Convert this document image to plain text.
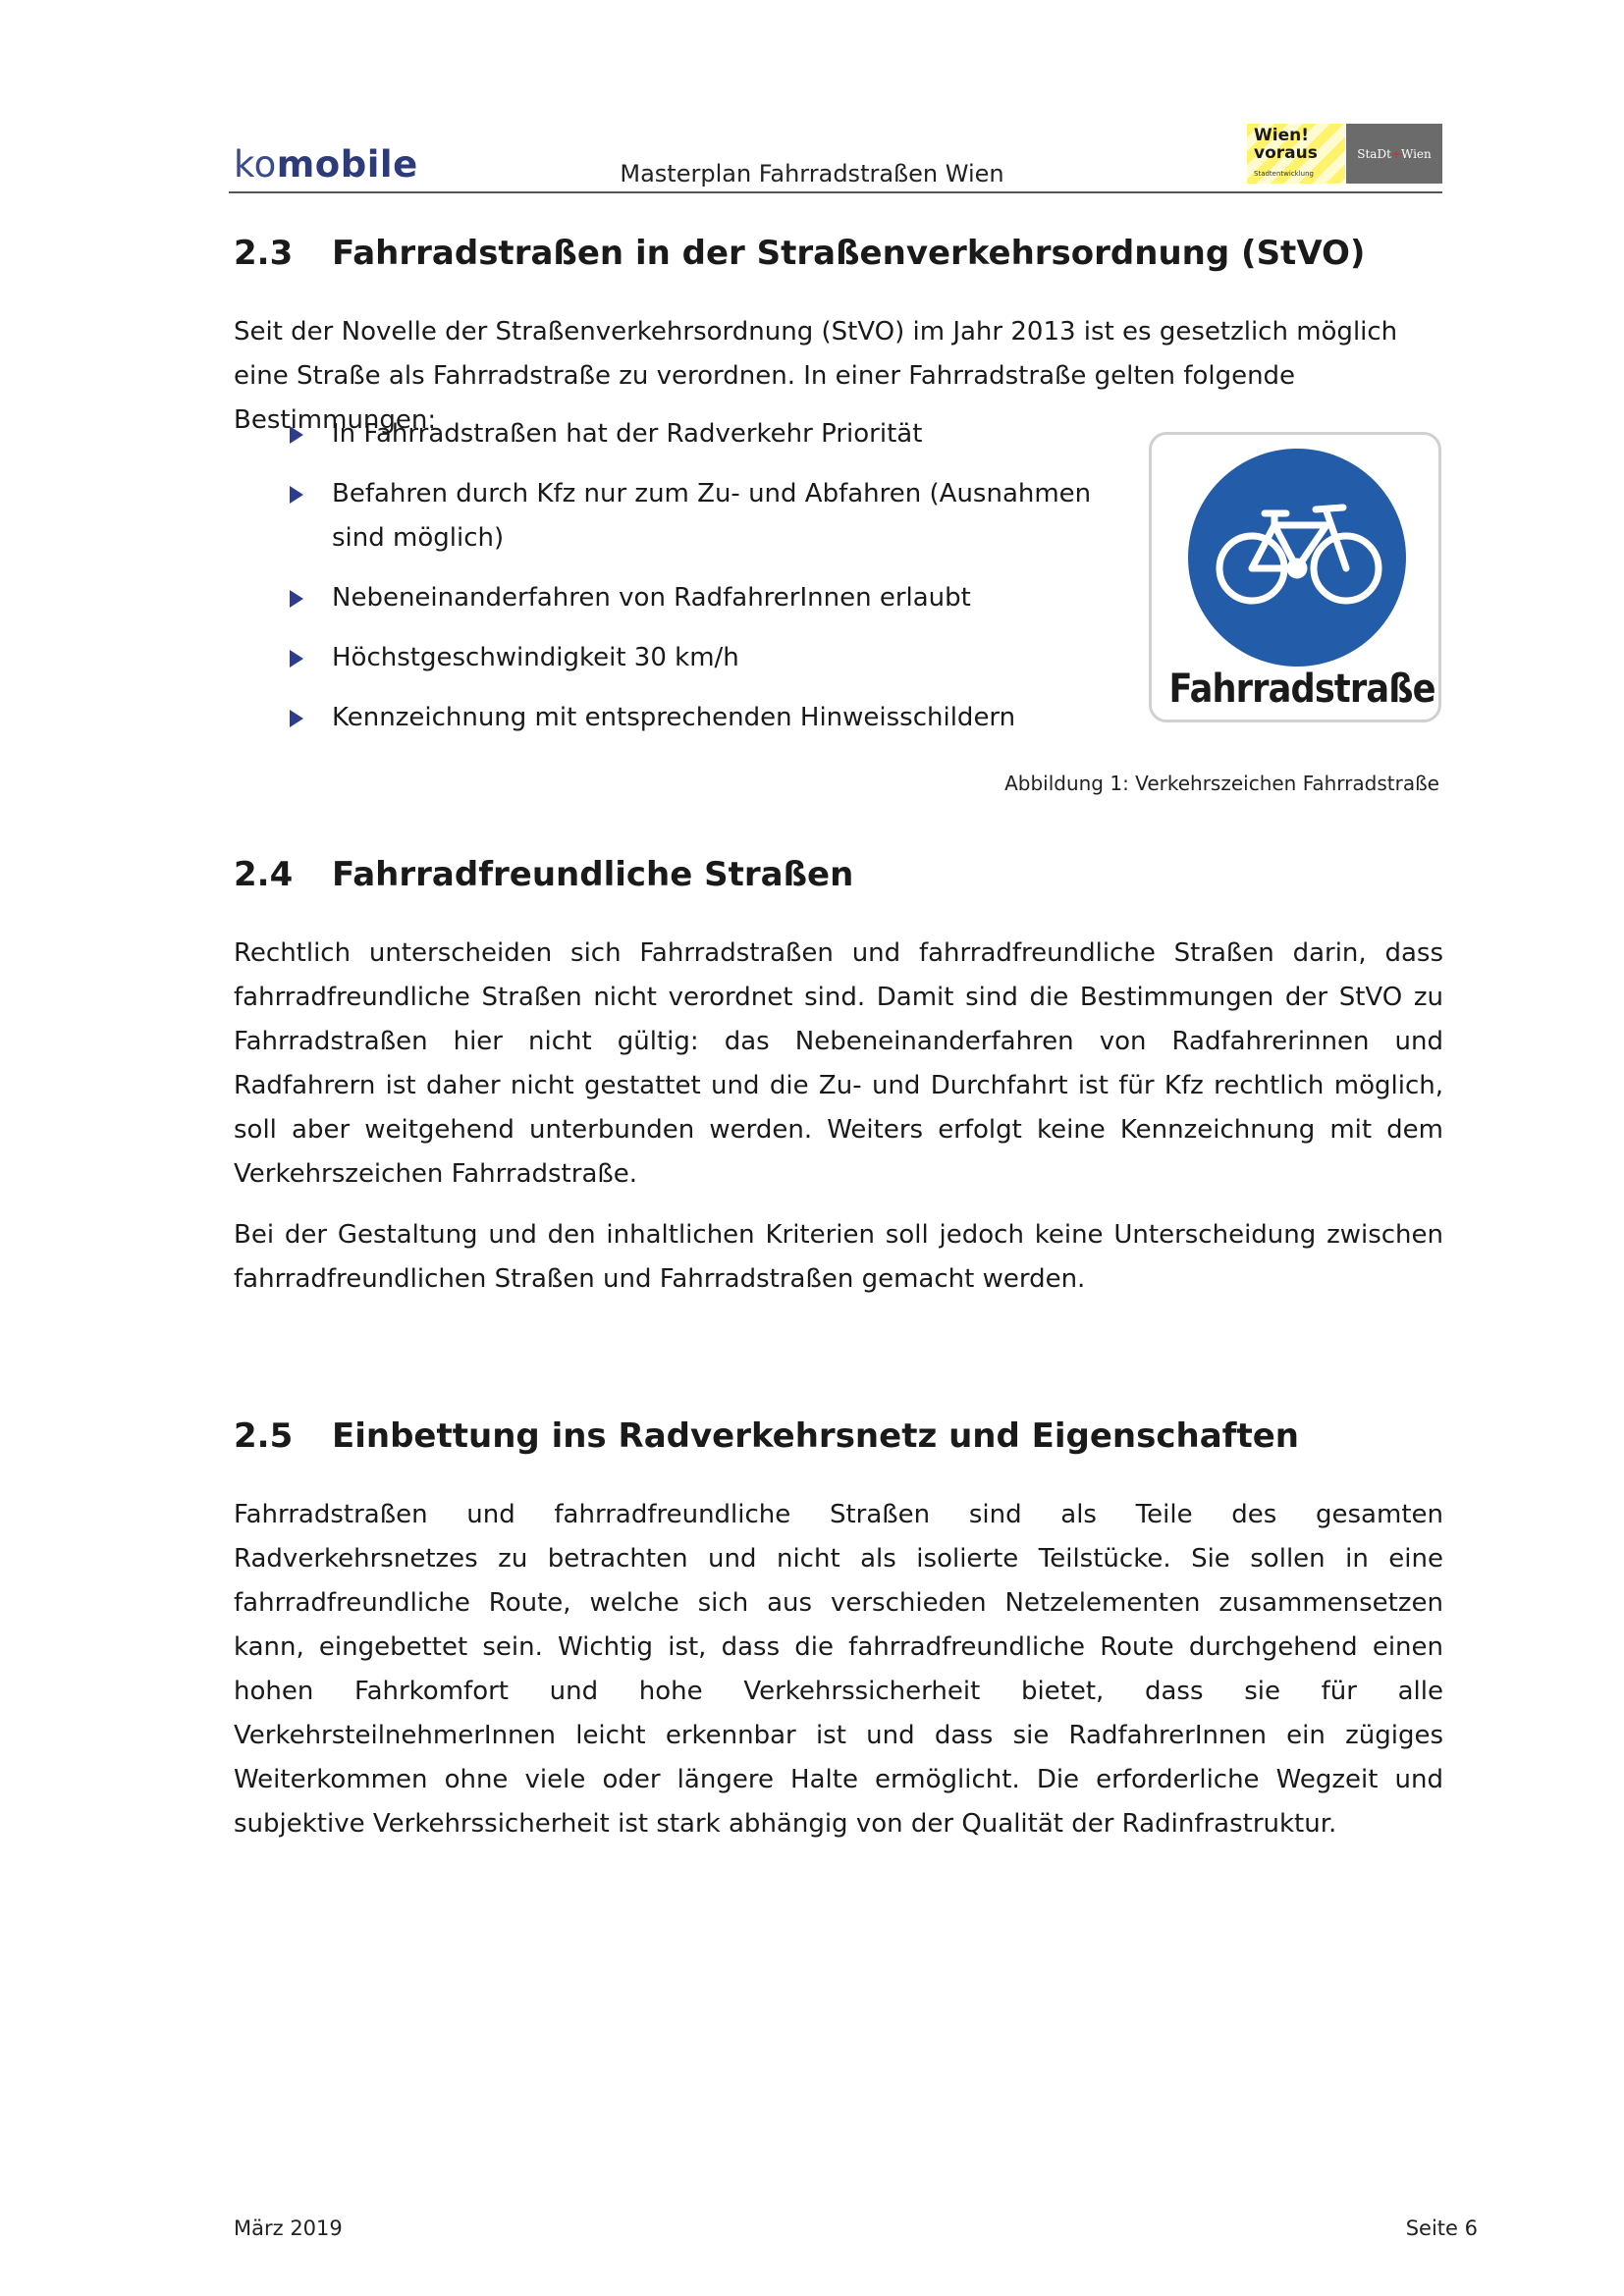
komobile	Masterplan Fahrradstraßen Wien
Wien!
voraus
Stadtentwicklung
StaDt + Wien
2.3 Fahrradstraßen in der Straßenverkehrsordnung (StVO)
Seit der Novelle der Straßenverkehrsordnung (StVO) im Jahr 2013 ist es gesetzlich möglich eine Straße als Fahrradstraße zu verordnen. In einer Fahrradstraße gelten folgende Bestimmungen:
In Fahrradstraßen hat der Radverkehr Priorität
Befahren durch Kfz nur zum Zu- und Abfahren (Ausnahmen sind möglich)
Nebeneinanderfahren von RadfahrerInnen erlaubt
Höchstgeschwindigkeit 30 km/h
Kennzeichnung mit entsprechenden Hinweisschildern
Fahrradstraße
Abbildung 1: Verkehrszeichen Fahrradstraße
2.4 Fahrradfreundliche Straßen
Rechtlich unterscheiden sich Fahrradstraßen und fahrradfreundliche Straßen darin, dass fahrradfreundliche Straßen nicht verordnet sind. Damit sind die Bestimmungen der StVO zu Fahrradstraßen hier nicht gültig: das Nebeneinanderfahren von Radfahrerinnen und Radfahrern ist daher nicht gestattet und die Zu- und Durchfahrt ist für Kfz rechtlich möglich, soll aber weitgehend unterbunden werden. Weiters erfolgt keine Kennzeichnung mit dem Verkehrszeichen Fahrradstraße.
Bei der Gestaltung und den inhaltlichen Kriterien soll jedoch keine Unterscheidung zwischen fahrradfreundlichen Straßen und Fahrradstraßen gemacht werden.
2.5 Einbettung ins Radverkehrsnetz und Eigenschaften
Fahrradstraßen und fahrradfreundliche Straßen sind als Teile des gesamten Radverkehrsnetzes zu betrachten und nicht als isolierte Teilstücke. Sie sollen in eine fahrradfreundliche Route, welche sich aus verschieden Netzelementen zusammensetzen kann, eingebettet sein. Wichtig ist, dass die fahrradfreundliche Route durchgehend einen hohen Fahrkomfort und hohe Verkehrssicherheit bietet, dass sie für alle VerkehrsteilnehmerInnen leicht erkennbar ist und dass sie RadfahrerInnen ein zügiges Weiterkommen ohne viele oder längere Halte ermöglicht. Die erforderliche Wegzeit und subjektive Verkehrssicherheit ist stark abhängig von der Qualität der Radinfrastruktur.
März 2019	Seite 6
